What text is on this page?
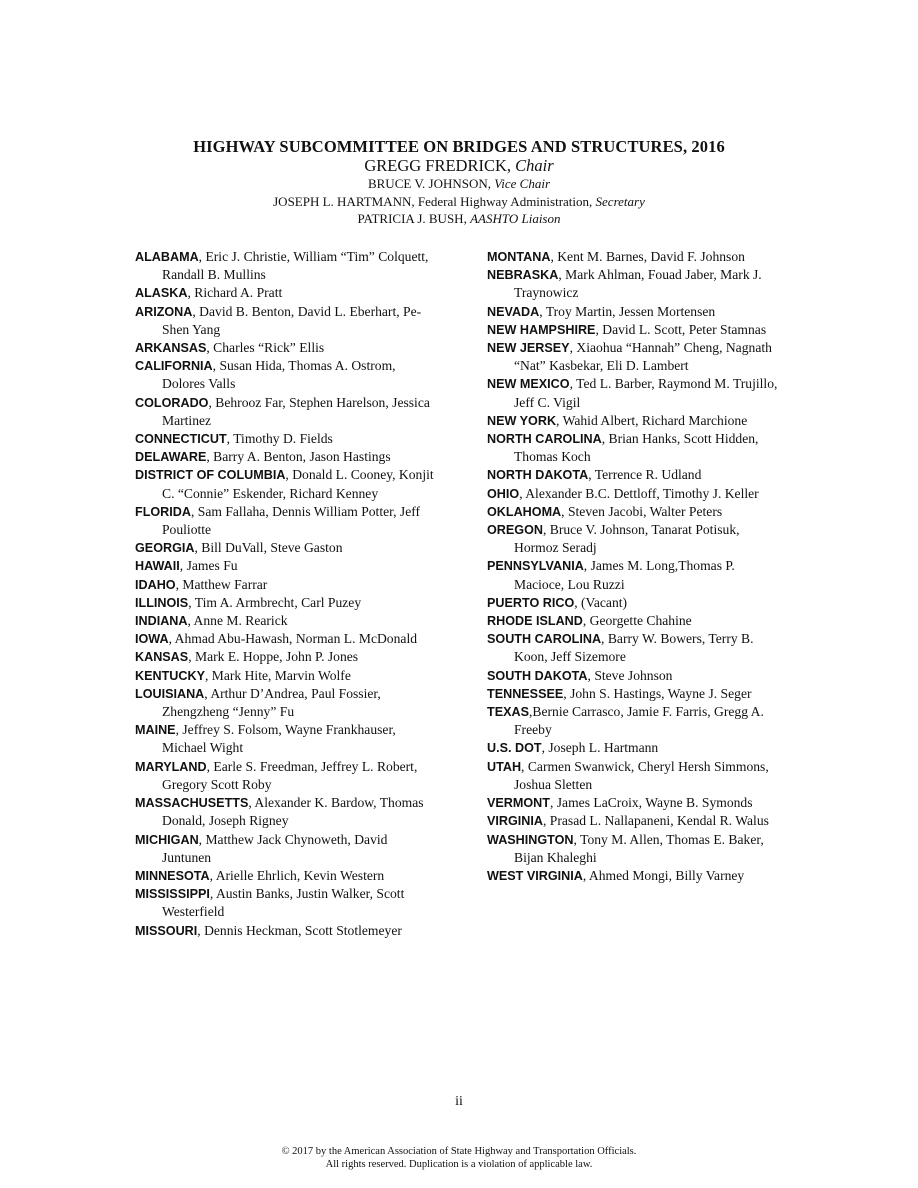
HIGHWAY SUBCOMMITTEE ON BRIDGES AND STRUCTURES, 2016
GREGG FREDRICK, Chair
BRUCE V. JOHNSON, Vice Chair
JOSEPH L. HARTMANN, Federal Highway Administration, Secretary
PATRICIA J. BUSH, AASHTO Liaison

ALABAMA, Eric J. Christie, William “Tim” Colquett, Randall B. Mullins

ALASKA, Richard A. Pratt

ARIZONA, David B. Benton, David L. Eberhart, Pe-Shen Yang

ARKANSAS, Charles “Rick” Ellis

CALIFORNIA, Susan Hida, Thomas A. Ostrom, Dolores Valls

COLORADO, Behrooz Far, Stephen Harelson, Jessica Martinez

CONNECTICUT, Timothy D. Fields

DELAWARE, Barry A. Benton, Jason Hastings

DISTRICT OF COLUMBIA, Donald L. Cooney, Konjit C. “Connie” Eskender, Richard Kenney

FLORIDA, Sam Fallaha, Dennis William Potter, Jeff Pouliotte

GEORGIA, Bill DuVall, Steve Gaston

HAWAII, James Fu

IDAHO, Matthew Farrar

ILLINOIS, Tim A. Armbrecht, Carl Puzey

INDIANA, Anne M. Rearick

IOWA, Ahmad Abu-Hawash, Norman L. McDonald

KANSAS, Mark E. Hoppe, John P. Jones

KENTUCKY, Mark Hite, Marvin Wolfe

LOUISIANA, Arthur D’Andrea, Paul Fossier, Zhengzheng “Jenny” Fu

MAINE, Jeffrey S. Folsom, Wayne Frankhauser, Michael Wight

MARYLAND, Earle S. Freedman, Jeffrey L. Robert, Gregory Scott Roby

MASSACHUSETTS, Alexander K. Bardow, Thomas Donald, Joseph Rigney

MICHIGAN, Matthew Jack Chynoweth, David Juntunen

MINNESOTA, Arielle Ehrlich, Kevin Western

MISSISSIPPI, Austin Banks, Justin Walker, Scott Westerfield

MISSOURI, Dennis Heckman, Scott Stotlemeyer

MONTANA, Kent M. Barnes, David F. Johnson

NEBRASKA, Mark Ahlman, Fouad Jaber, Mark J. Traynowicz

NEVADA, Troy Martin, Jessen Mortensen

NEW HAMPSHIRE, David L. Scott, Peter Stamnas

NEW JERSEY, Xiaohua “Hannah” Cheng, Nagnath “Nat” Kasbekar, Eli D. Lambert

NEW MEXICO, Ted L. Barber, Raymond M. Trujillo, Jeff C. Vigil

NEW YORK, Wahid Albert, Richard Marchione

NORTH CAROLINA, Brian Hanks, Scott Hidden, Thomas Koch

NORTH DAKOTA, Terrence R. Udland

OHIO, Alexander B.C. Dettloff, Timothy J. Keller

OKLAHOMA, Steven Jacobi, Walter Peters

OREGON, Bruce V. Johnson, Tanarat Potisuk, Hormoz Seradj

PENNSYLVANIA, James M. Long,Thomas P. Macioce, Lou Ruzzi

PUERTO RICO, (Vacant)

RHODE ISLAND, Georgette Chahine

SOUTH CAROLINA, Barry W. Bowers, Terry B. Koon, Jeff Sizemore

SOUTH DAKOTA, Steve Johnson

TENNESSEE, John S. Hastings, Wayne J. Seger

TEXAS,Bernie Carrasco, Jamie F. Farris, Gregg A. Freeby

U.S. DOT, Joseph L. Hartmann

UTAH, Carmen Swanwick, Cheryl Hersh Simmons, Joshua Sletten

VERMONT, James LaCroix, Wayne B. Symonds

VIRGINIA, Prasad L. Nallapaneni, Kendal R. Walus

WASHINGTON, Tony M. Allen, Thomas E. Baker, Bijan Khaleghi

WEST VIRGINIA, Ahmed Mongi, Billy Varney

ii
© 2017 by the American Association of State Highway and Transportation Officials.
All rights reserved. Duplication is a violation of applicable law.
